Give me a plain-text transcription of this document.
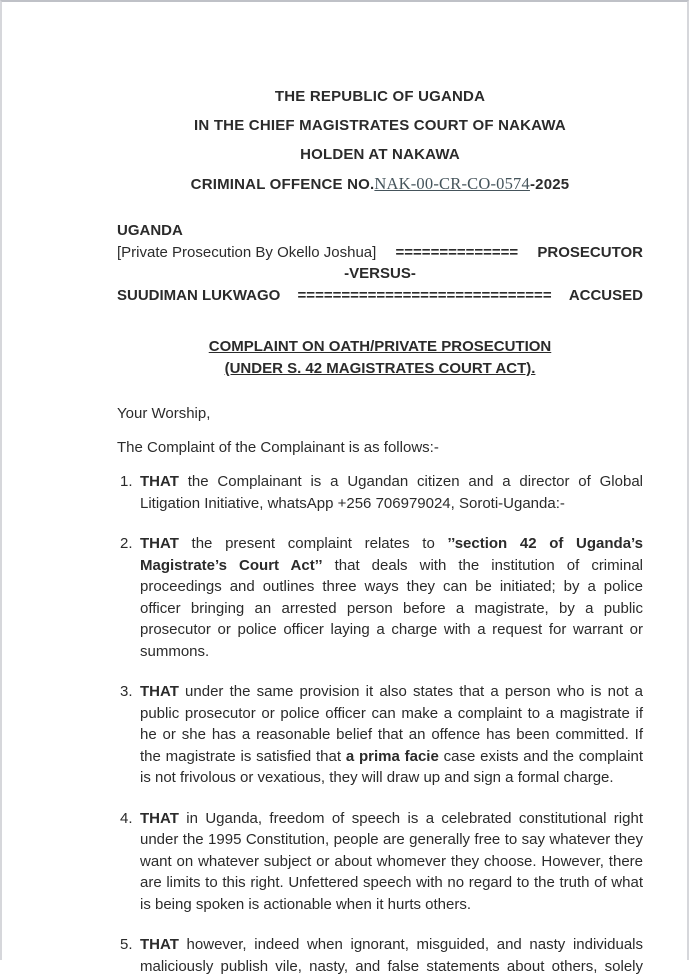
THE REPUBLIC OF UGANDA
IN THE CHIEF MAGISTRATES COURT OF NAKAWA
HOLDEN AT NAKAWA
CRIMINAL OFFENCE NO.NAK-00-CR-CO-0574-2025
UGANDA
[Private Prosecution By Okello Joshua] ============== PROSECUTOR
-VERSUS-
SUUDIMAN LUKWAGO ============================= ACCUSED
COMPLAINT ON OATH/PRIVATE PROSECUTION
(UNDER S. 42 MAGISTRATES COURT ACT).
Your Worship,
The Complaint of the Complainant is as follows:-
1. THAT the Complainant is a Ugandan citizen and a director of Global Litigation Initiative, whatsApp +256 706979024, Soroti-Uganda:-
2. THAT the present complaint relates to ’’section 42 of Uganda’s Magistrate’s Court Act’’ that deals with the institution of criminal proceedings and outlines three ways they can be initiated; by a police officer bringing an arrested person before a magistrate, by a public prosecutor or police officer laying a charge with a request for warrant or summons.
3. THAT under the same provision it also states that a person who is not a public prosecutor or police officer can make a complaint to a magistrate if he or she has a reasonable belief that an offence has been committed. If the magistrate is satisfied that a prima facie case exists and the complaint is not frivolous or vexatious, they will draw up and sign a formal charge.
4. THAT in Uganda, freedom of speech is a celebrated constitutional right under the 1995 Constitution, people are generally free to say whatever they want on whatever subject or about whomever they choose. However, there are limits to this right. Unfettered speech with no regard to the truth of what is being spoken is actionable when it hurts others.
5. THAT however, indeed when ignorant, misguided, and nasty individuals maliciously publish vile, nasty, and false statements about others, solely
